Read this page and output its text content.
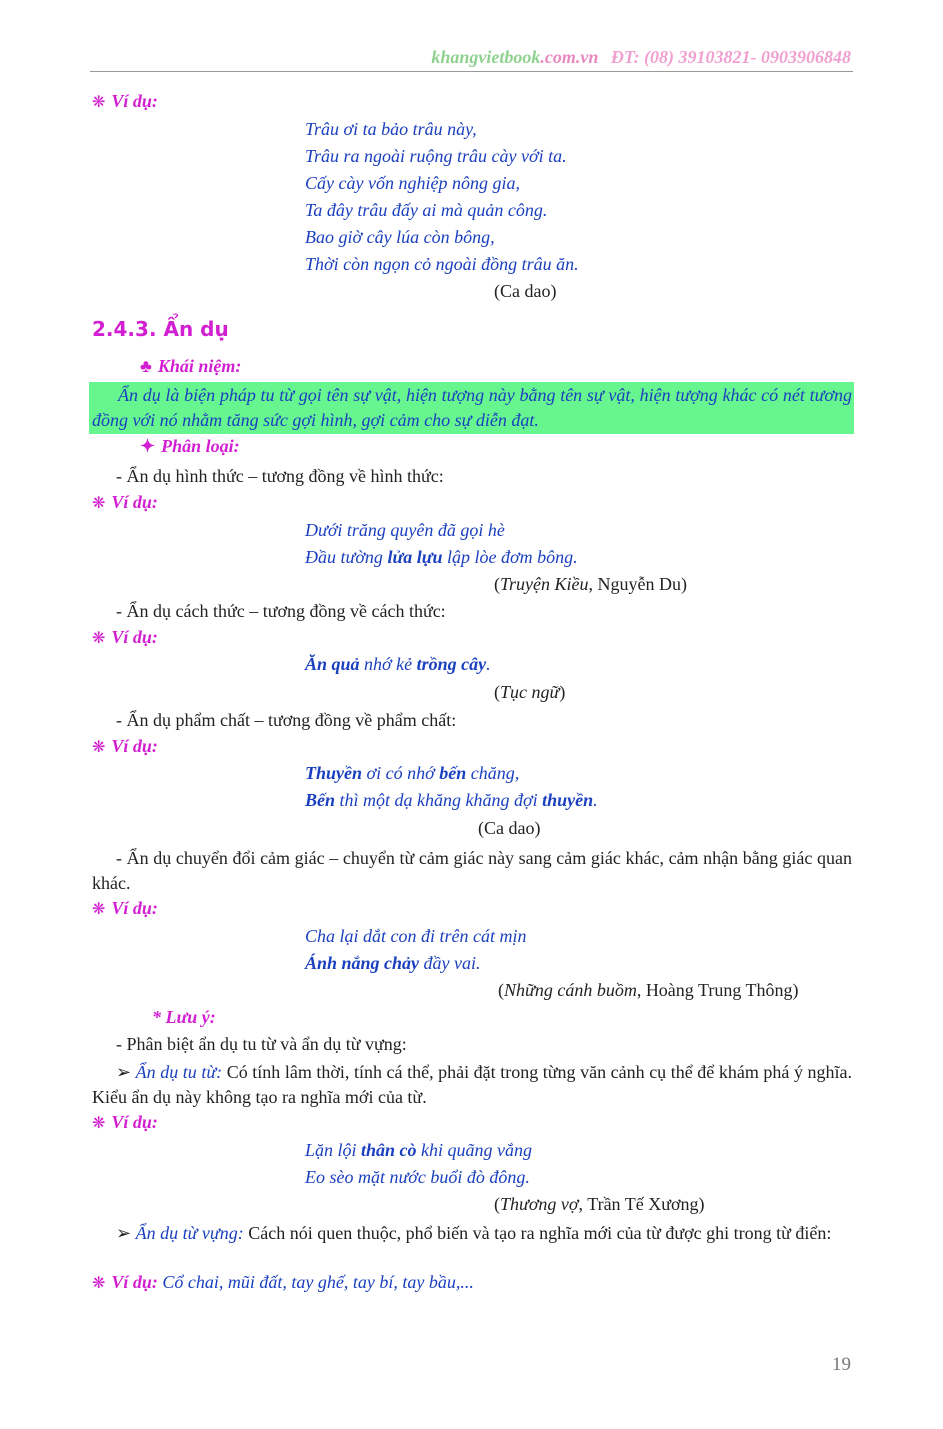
khangvietbook.com.vn ĐT: (08) 39103821- 0903906848
❋ Ví dụ:
Trâu ơi ta bảo trâu này,
Trâu ra ngoài ruộng trâu cày với ta.
Cấy cày vốn nghiệp nông gia,
Ta đây trâu đấy ai mà quản công.
Bao giờ cây lúa còn bông,
Thời còn ngọn cỏ ngoài đồng trâu ăn.
(Ca dao)
2.4.3. Ẩn dụ
♣ Khái niệm:
Ẩn dụ là biện pháp tu từ gọi tên sự vật, hiện tượng này bằng tên sự vật, hiện tượng khác có nét tương đồng với nó nhằm tăng sức gợi hình, gợi cảm cho sự diễn đạt.
✦ Phân loại:
- Ẩn dụ hình thức – tương đồng về hình thức:
❋ Ví dụ:
Dưới trăng quyên đã gọi hè
Đầu tường lửa lựu lập lòe đơm bông.
(Truyện Kiều, Nguyễn Du)
- Ẩn dụ cách thức – tương đồng về cách thức:
❋ Ví dụ:
Ăn quả nhớ kẻ trồng cây.
(Tục ngữ)
- Ẩn dụ phẩm chất – tương đồng về phẩm chất:
❋ Ví dụ:
Thuyền ơi có nhớ bến chăng,
Bến thì một dạ khăng khăng đợi thuyền.
(Ca dao)
- Ẩn dụ chuyển đổi cảm giác – chuyển từ cảm giác này sang cảm giác khác, cảm nhận bằng giác quan khác.
❋ Ví dụ:
Cha lại dắt con đi trên cát mịn
Ánh nắng chảy đầy vai.
(Những cánh buồm, Hoàng Trung Thông)
* Lưu ý:
- Phân biệt ẩn dụ tu từ và ẩn dụ từ vựng:
➢ Ẩn dụ tu từ: Có tính lâm thời, tính cá thể, phải đặt trong từng văn cảnh cụ thể để khám phá ý nghĩa. Kiểu ẩn dụ này không tạo ra nghĩa mới của từ.
❋ Ví dụ:
Lặn lội thân cò khi quãng vắng
Eo sèo mặt nước buổi đò đông.
(Thương vợ, Trần Tế Xương)
➢ Ẩn dụ từ vựng: Cách nói quen thuộc, phổ biến và tạo ra nghĩa mới của từ được ghi trong từ điển:
❋ Ví dụ: Cổ chai, mũi đất, tay ghế, tay bí, tay bầu,...
19
